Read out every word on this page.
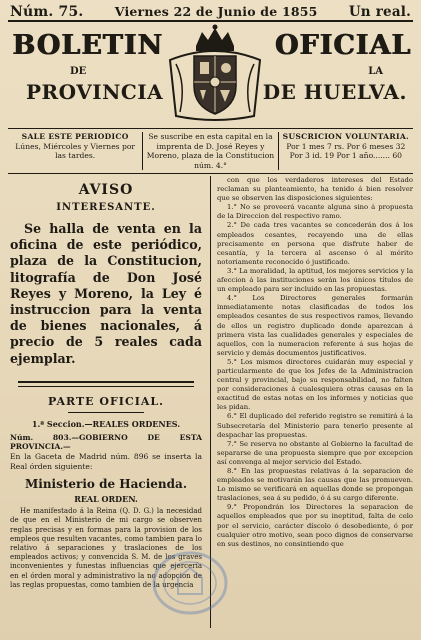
Núm. 75.	Viernes 22 de Junio de 1855 Un real.
BOLETIN	OFICIAL
DE	LA
PROVINCIA	DE HUELVA.
SALE ESTE PERIODICO
Lúnes, Miércoles y Viernes por las tardes.
Se suscribe en esta capital en la imprenta de D. José Reyes y Moreno, plaza de la Constitucion núm. 4.°
SUSCRICION VOLUNTARIA.
Por 1 mes 7 rs. Por 6 meses 32
Por 3 id. 19 Por 1 año....... 60
AVISO
INTERESANTE.
Se halla de venta en la oficina de este periódico, plaza de la Constitucion, litografía de Don José Reyes y Moreno, la Ley é instruccion para la venta de bienes nacionales, á precio de 5 reales cada ejemplar.
PARTE OFICIAL.
1.ª Seccion.—REALES ORDENES.
Núm. 803.—GOBIERNO DE ESTA PROVINCIA.—
En la Gaceta de Madrid núm. 896 se inserta la Real órden siguiente:
Ministerio de Hacienda.
REAL ORDEN.
He manifestado á la Reina (Q. D. G.) la necesidad de que en el Ministerio de mi cargo se observen reglas precisas y en formas para la provision de los empleos que resulten vacantes, como tambien para lo relativo á separaciones y traslaciones de los empleados activos; y convencida S. M. de los graves inconvenientes y funestas influencias que ejercería en el órden moral y administrativo la no adopcion de las reglas propuestas, como tambien de la urgencia

con que los verdaderos intereses del Estado reclaman su planteamiento, ha tenido á bien resolver que se observen las disposiciones siguientes:

1.° No se proveerá vacante alguna sino á propuesta de la Direccion del respectivo ramo.

2.° De cada tres vacantes se concederán dos á los empleados cesantes, recayendo una de ellas precisamente en persona que disfrute haber de cesantía, y la tercera al ascenso ó al mérito notoriamente reconocido ó justificado.

3.° La moralidad, la aptitud, los mejores servicios y la afeccion á las instituciones serán los únicos títulos de un empleado para ser incluido en las propuestas.

4.° Los Directores generales formarán inmediatamente notas clasificadas de todos los empleados cesantes de sus respectivos ramos, llevando de ellos un registro duplicado donde aparezcan á primera vista las cualidades generales y especiales de aquellos, con la numeracion referente á sus hojas de servicio y demás documentos justificativos.

5.° Los mismos directores cuidarán muy especial y particularmente de que los Jefes de la Administracion central y provincial, bajo su responsabilidad, no falten por consideraciones á cualesquiera otras causas en la exactitud de estas notas en los informes y noticias que les pidan.

6.° El duplicado del referido registro se remitirá á la Subsecretaría del Ministerio para tenerlo presente al despachar las propuestas.

7.° Se reserva no obstante al Gobierno la facultad de separarse de una propuesta siempre que por excepcion así convenga al mejor servicio del Estado.

8.° En las propuestas relativas á la separacion de empleados se motivarán las causas que las promueven. Lo mismo se verificará en aquellas donde se propongan traslaciones, sea á su pedido, ó á su cargo diferente.

9.° Propondrán los Directores la separacion de aquellos empleados que por su ineptitud, falta de celo por el servicio, carácter díscolo ó desobediente, ó por cualquier otro motivo, sean poco dignos de conservarse en sus destinos, no consintiendo que
